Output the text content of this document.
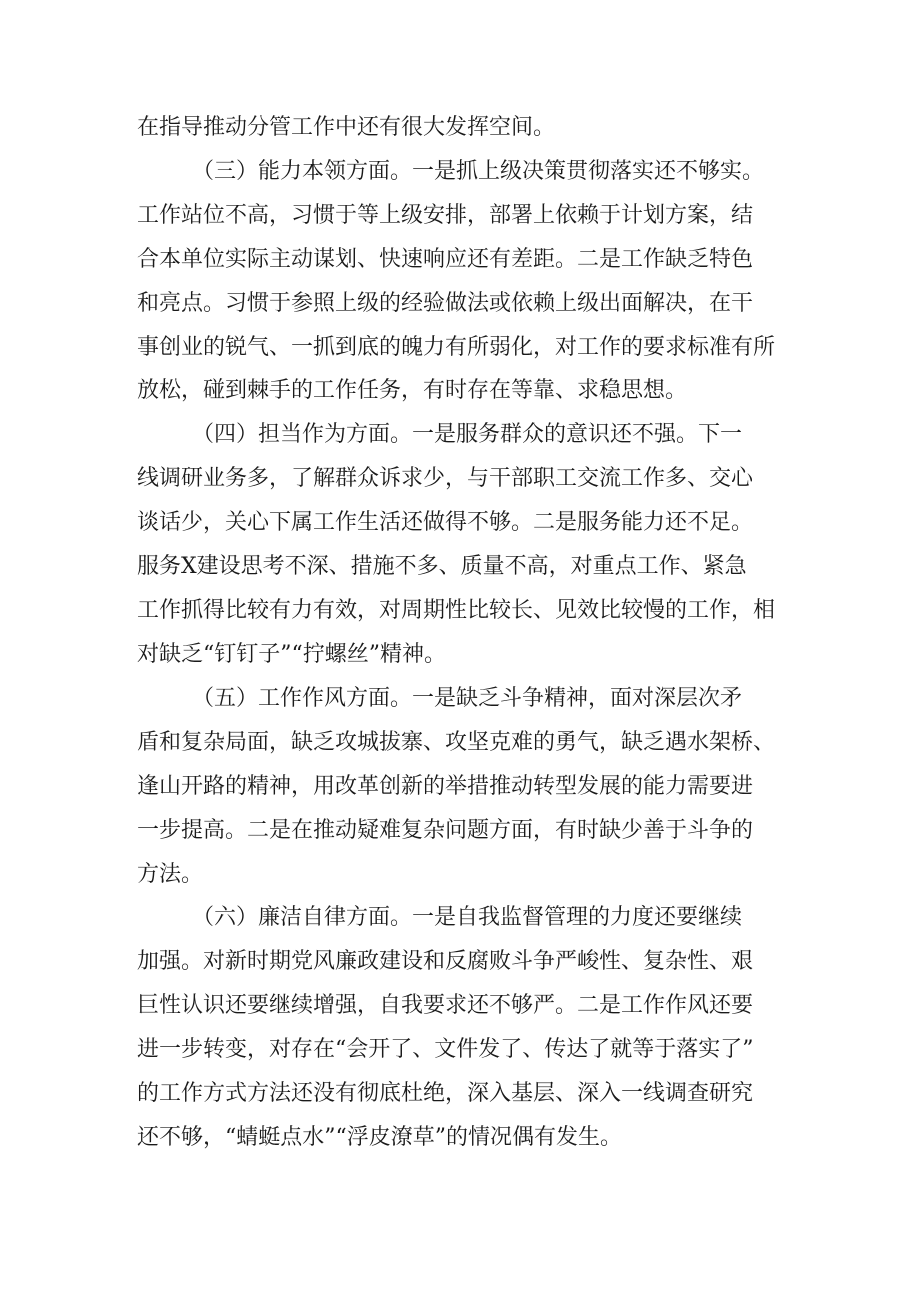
在指导推动分管工作中还有很大发挥空间。

（三）能力本领方面。一是抓上级决策贯彻落实还不够实。

工作站位不高，习惯于等上级安排，部署上依赖于计划方案，结

合本单位实际主动谋划、快速响应还有差距。二是工作缺乏特色

和亮点。习惯于参照上级的经验做法或依赖上级出面解决，在干

事创业的锐气、一抓到底的魄力有所弱化，对工作的要求标准有所

放松，碰到棘手的工作任务，有时存在等靠、求稳思想。

（四）担当作为方面。一是服务群众的意识还不强。下一

线调研业务多，了解群众诉求少，与干部职工交流工作多、交心

谈话少，关心下属工作生活还做得不够。二是服务能力还不足。

服务X建设思考不深、措施不多、质量不高，对重点工作、紧急

工作抓得比较有力有效，对周期性比较长、见效比较慢的工作，相

对缺乏“钉钉子”“拧螺丝”精神。

（五）工作作风方面。一是缺乏斗争精神，面对深层次矛

盾和复杂局面，缺乏攻城拔寨、攻坚克难的勇气，缺乏遇水架桥、

逢山开路的精神，用改革创新的举措推动转型发展的能力需要进

一步提高。二是在推动疑难复杂问题方面，有时缺少善于斗争的

方法。

（六）廉洁自律方面。一是自我监督管理的力度还要继续

加强。对新时期党风廉政建设和反腐败斗争严峻性、复杂性、艰

巨性认识还要继续增强，自我要求还不够严。二是工作作风还要

进一步转变，对存在“会开了、文件发了、传达了就等于落实了”

的工作方式方法还没有彻底杜绝，深入基层、深入一线调查研究

还不够，“蜻蜓点水”“浮皮潦草”的情况偶有发生。
